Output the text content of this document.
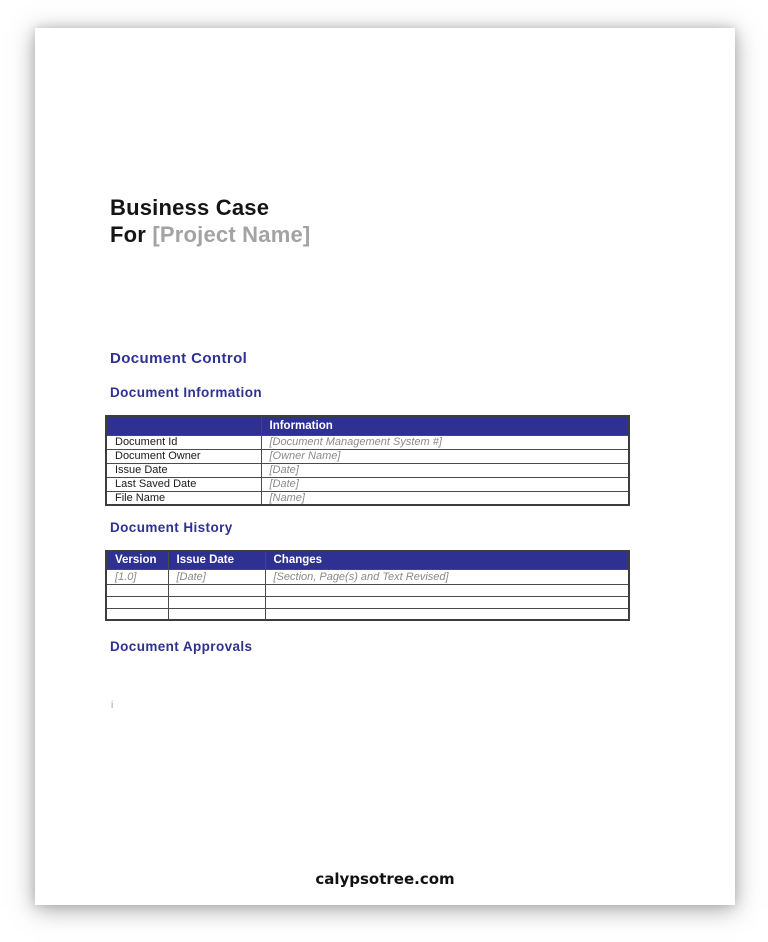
Business Case
For [Project Name]
Document Control
Document Information
	Information
Document Id	[Document Management System #]
Document Owner	[Owner Name]
Issue Date	[Date]
Last Saved Date	[Date]
File Name	[Name]
Document History
Version	Issue Date	Changes
[1.0]	[Date]	[Section, Page(s) and Text Revised]

Document Approvals
i
calypsotree.com
